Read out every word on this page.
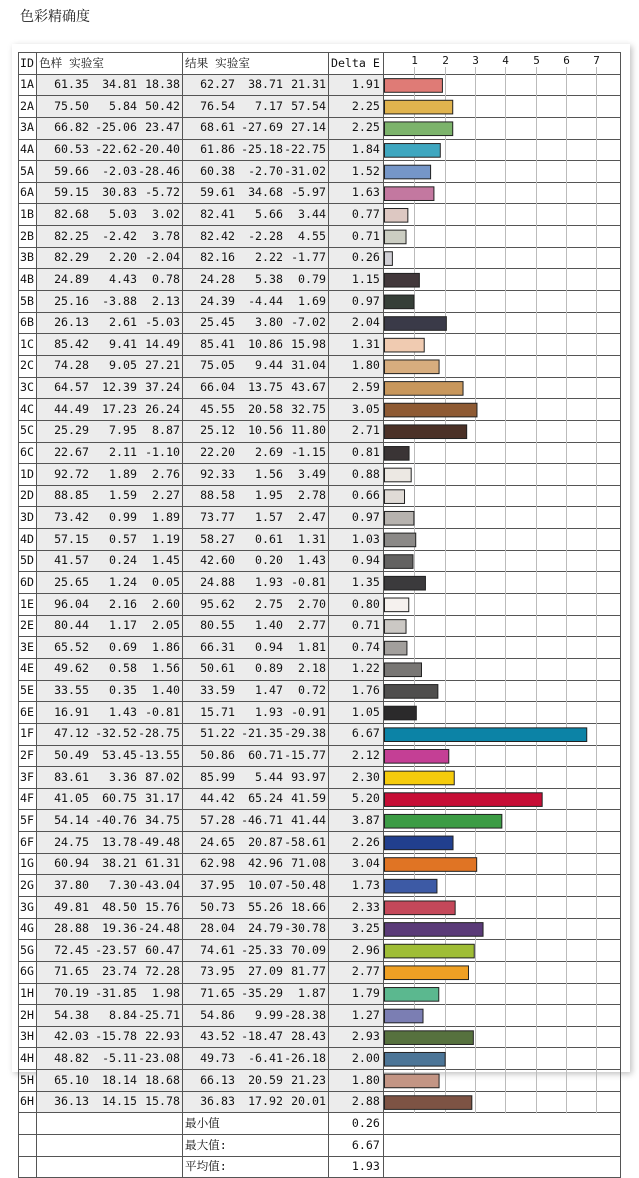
色彩精确度
ID	色样 实验室	结果 实验室	Delta E	
1A	61.35 34.81 18.38	62.27 38.71 21.31	1.91	
2A	75.50 5.84 50.42	76.54 7.17 57.54	2.25	
3A	66.82 -25.06 23.47	68.61 -27.69 27.14	2.25	
4A	60.53 -22.62-20.40	61.86 -25.18-22.75	1.84	
5A	59.66 -2.03-28.46	60.38 -2.70-31.02	1.52	
6A	59.15 30.83 -5.72	59.61 34.68 -5.97	1.63	
1B	82.68 5.03 3.02	82.41 5.66 3.44	0.77	
2B	82.25 -2.42 3.78	82.42 -2.28 4.55	0.71	
3B	82.29 2.20 -2.04	82.16 2.22 -1.77	0.26	
4B	24.89 4.43 0.78	24.28 5.38 0.79	1.15	
5B	25.16 -3.88 2.13	24.39 -4.44 1.69	0.97	
6B	26.13 2.61 -5.03	25.45 3.80 -7.02	2.04	
1C	85.42 9.41 14.49	85.41 10.86 15.98	1.31	
2C	74.28 9.05 27.21	75.05 9.44 31.04	1.80	
3C	64.57 12.39 37.24	66.04 13.75 43.67	2.59	
4C	44.49 17.23 26.24	45.55 20.58 32.75	3.05	
5C	25.29 7.95 8.87	25.12 10.56 11.80	2.71	
6C	22.67 2.11 -1.10	22.20 2.69 -1.15	0.81	
1D	92.72 1.89 2.76	92.33 1.56 3.49	0.88	
2D	88.85 1.59 2.27	88.58 1.95 2.78	0.66	
3D	73.42 0.99 1.89	73.77 1.57 2.47	0.97	
4D	57.15 0.57 1.19	58.27 0.61 1.31	1.03	
5D	41.57 0.24 1.45	42.60 0.20 1.43	0.94	
6D	25.65 1.24 0.05	24.88 1.93 -0.81	1.35	
1E	96.04 2.16 2.60	95.62 2.75 2.70	0.80	
2E	80.44 1.17 2.05	80.55 1.40 2.77	0.71	
3E	65.52 0.69 1.86	66.31 0.94 1.81	0.74	
4E	49.62 0.58 1.56	50.61 0.89 2.18	1.22	
5E	33.55 0.35 1.40	33.59 1.47 0.72	1.76	
6E	16.91 1.43 -0.81	15.71 1.93 -0.91	1.05	
1F	47.12 -32.52-28.75	51.22 -21.35-29.38	6.67	
2F	50.49 53.45-13.55	50.86 60.71-15.77	2.12	
3F	83.61 3.36 87.02	85.99 5.44 93.97	2.30	
4F	41.05 60.75 31.17	44.42 65.24 41.59	5.20	
5F	54.14 -40.76 34.75	57.28 -46.71 41.44	3.87	
6F	24.75 13.78-49.48	24.65 20.87-58.61	2.26	
1G	60.94 38.21 61.31	62.98 42.96 71.08	3.04	
2G	37.80 7.30-43.04	37.95 10.07-50.48	1.73	
3G	49.81 48.50 15.76	50.73 55.26 18.66	2.33	
4G	28.88 19.36-24.48	28.04 24.79-30.78	3.25	
5G	72.45 -23.57 60.47	74.61 -25.33 70.09	2.96	
6G	71.65 23.74 72.28	73.95 27.09 81.77	2.77	
1H	70.19 -31.85 1.98	71.65 -35.29 1.87	1.79	
2H	54.38 8.84-25.71	54.86 9.99-28.38	1.27	
3H	42.03 -15.78 22.93	43.52 -18.47 28.43	2.93	
4H	48.82 -5.11-23.08	49.73 -6.41-26.18	2.00	
5H	65.10 18.14 18.68	66.13 20.59 21.23	1.80	
6H	36.13 14.15 15.78	36.83 17.92 20.01	2.88	
		最小值	0.26	
		最大值:	6.67	
		平均值:	1.93	
1 2 3 4 5 6 7
